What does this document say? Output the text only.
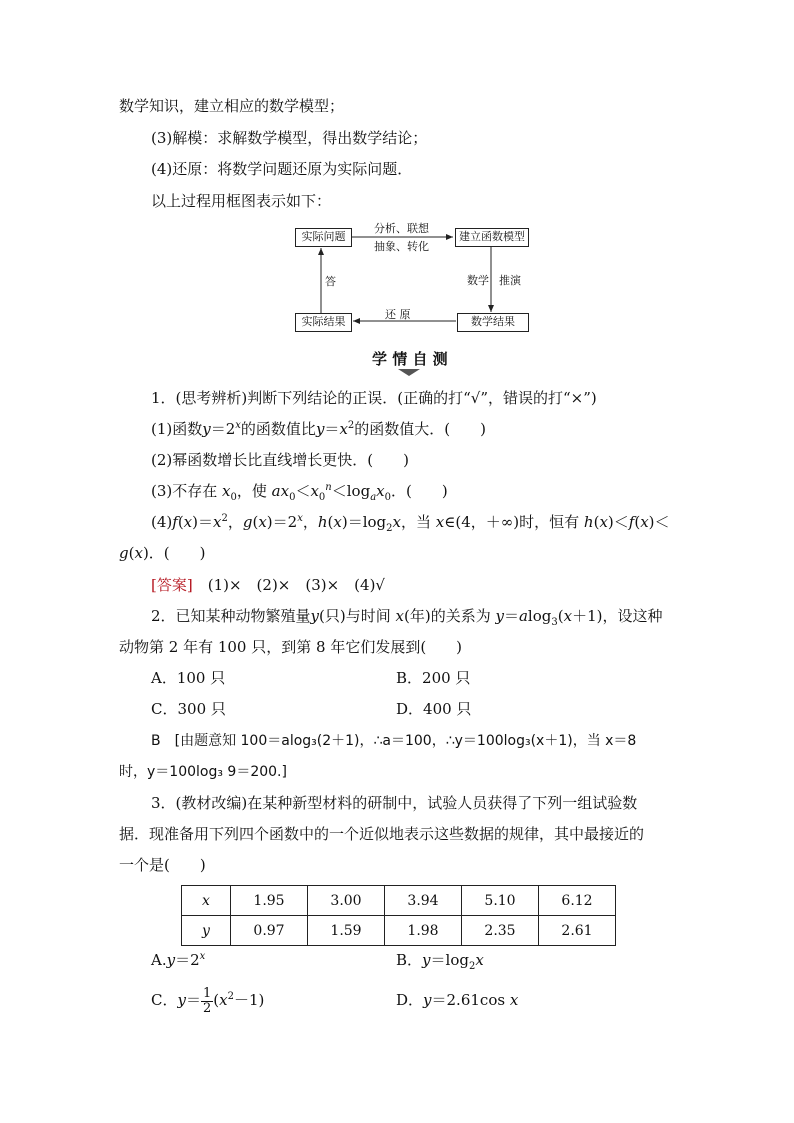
数学知识，建立相应的数学模型；
(3)解模：求解数学模型，得出数学结论；
(4)还原：将数学问题还原为实际问题．
以上过程用框图表示如下：
实际问题	建立函数模型
数学结果
实际结果
分析、联想
抽象、转化
数学 推演
还 原
答
学 情 自 测
1．(思考辨析)判断下列结论的正误．(正确的打“√”，错误的打“×”)
(1)函数$y=2^x$的函数值比$y=x^2$的函数值大．(　　)
(2)幂函数增长比直线增长更快．(　　)
(3)不存在 $x_0$，使 $ax_0<x_0^n<\log_ax_0$．(　　)
$(4)f(x)=x^2$，$g(x)=2^x$，$h(x)=\log_2x$，当 x∈(4，＋∞)时，恒有 h(x)＜f(x)＜
g(x)．(　　)
[答案]　 (1)×　(2)×　(3)×　(4)√
2．已知某种动物繁殖量y(只)与时间 x(年)的关系为 y＝alog$_3$(x＋1)，设这种
动物第 2 年有 100 只，到第 8 年它们发展到(　　)
A．100 只	B．200 只
C．300 只	D．400 只
B　[由题意知 100＝alog₃(2＋1)，∴a＝100，∴y＝100log₃(x＋1)，当 x＝8
时，y＝100log₃ 9＝200.]
3．(教材改编)在某种新型材料的研制中，试验人员获得了下列一组试验数
据．现准备用下列四个函数中的一个近似地表示这些数据的规律，其中最接近的
一个是(　　)
x	1.95	3.00	3.94	5.10	6.12
y	0.97	1.59	1.98	2.35	2.61
$A.y=2^x$	B．$y=\log_2x$
C．$y= \frac{1}{2} (x^2-1)$	D．y＝2.61cos x
